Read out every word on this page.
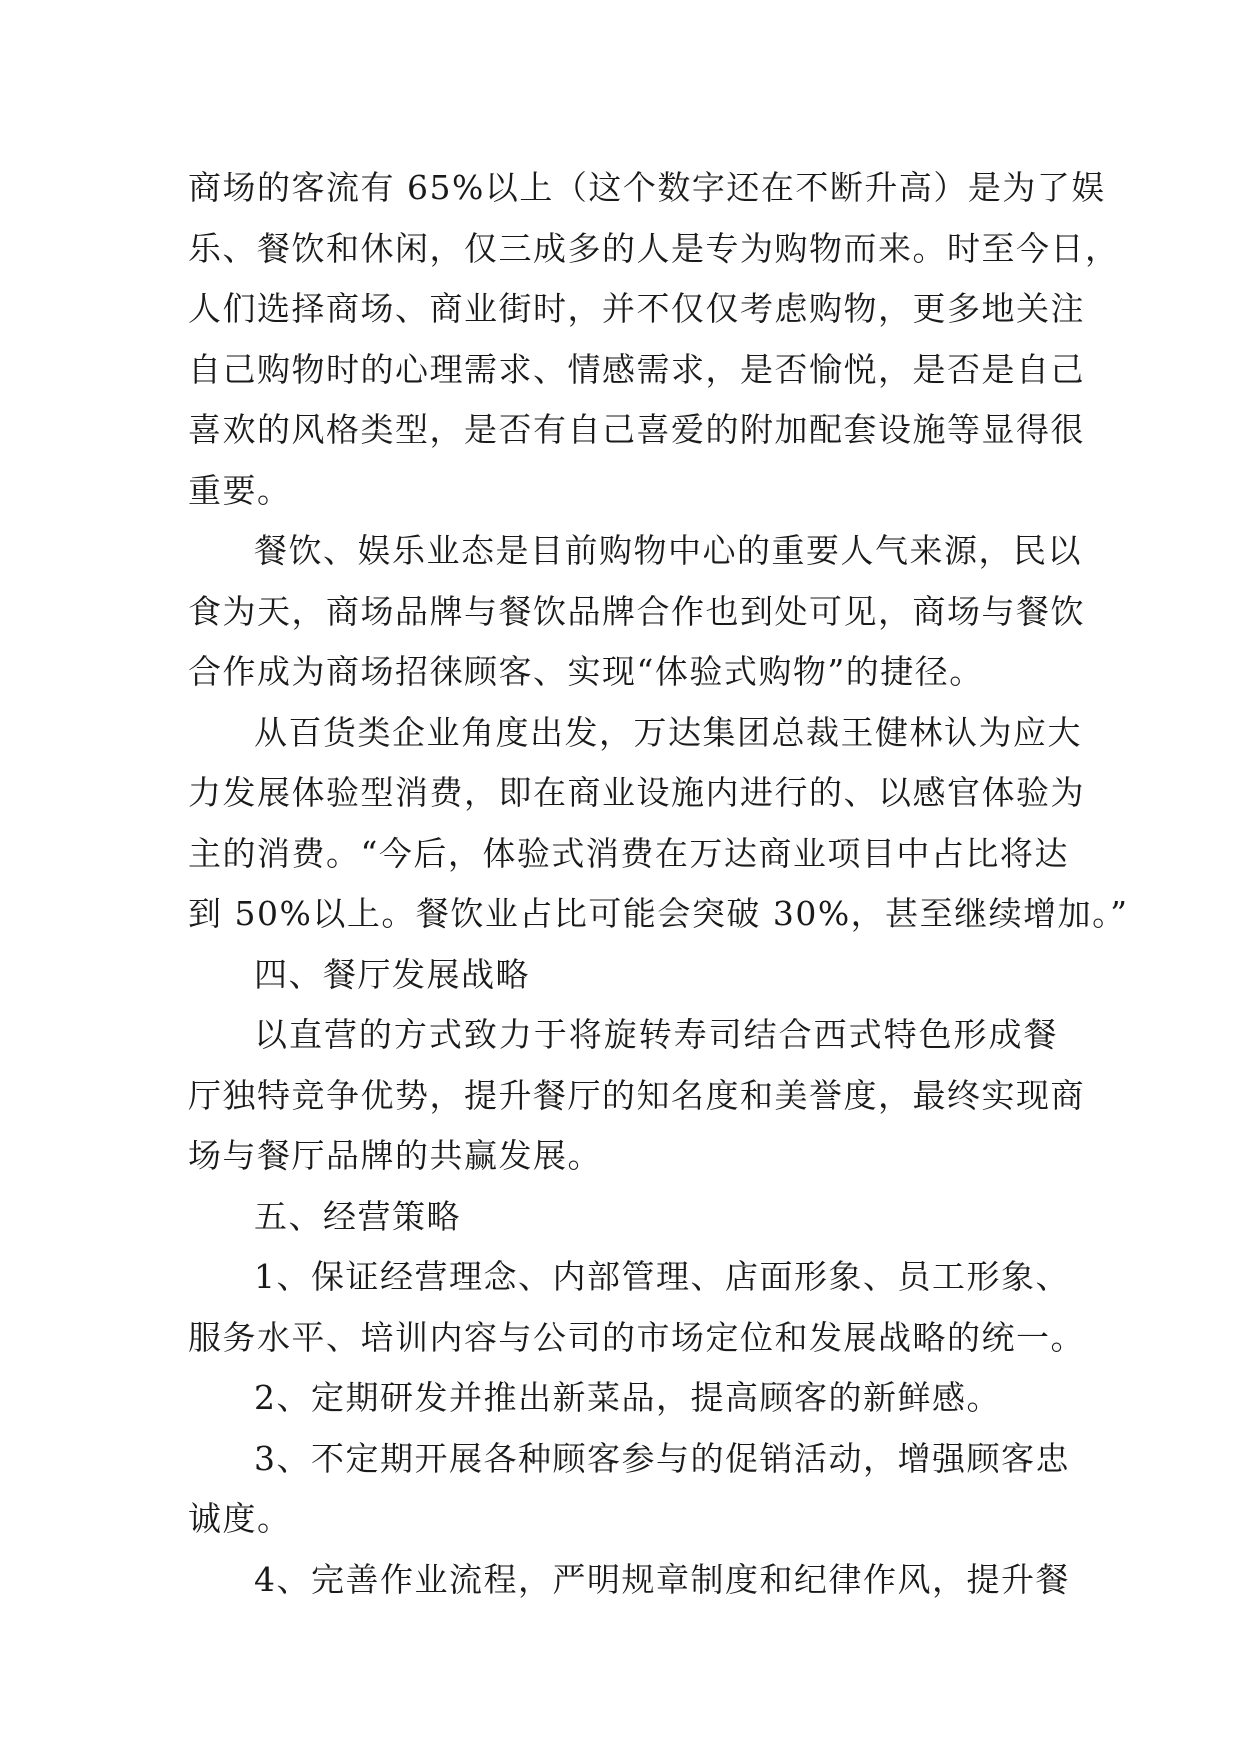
商场的客流有 65%以上（这个数字还在不断升高）是为了娱
乐、餐饮和休闲，仅三成多的人是专为购物而来。时至今日，
人们选择商场、商业街时，并不仅仅考虑购物，更多地关注
自己购物时的心理需求、情感需求，是否愉悦，是否是自己
喜欢的风格类型，是否有自己喜爱的附加配套设施等显得很
重要。
餐饮、娱乐业态是目前购物中心的重要人气来源，民以
食为天，商场品牌与餐饮品牌合作也到处可见，商场与餐饮
合作成为商场招徕顾客、实现“体验式购物”的捷径。
从百货类企业角度出发，万达集团总裁王健林认为应大
力发展体验型消费，即在商业设施内进行的、以感官体验为
主的消费。“今后，体验式消费在万达商业项目中占比将达
到 50%以上。餐饮业占比可能会突破 30%，甚至继续增加。”
四、餐厅发展战略
以直营的方式致力于将旋转寿司结合西式特色形成餐
厅独特竞争优势，提升餐厅的知名度和美誉度，最终实现商
场与餐厅品牌的共赢发展。
五、经营策略
1、保证经营理念、内部管理、店面形象、员工形象、
服务水平、培训内容与公司的市场定位和发展战略的统一。
2、定期研发并推出新菜品，提高顾客的新鲜感。
3、不定期开展各种顾客参与的促销活动，增强顾客忠
诚度。
4、完善作业流程，严明规章制度和纪律作风，提升餐
